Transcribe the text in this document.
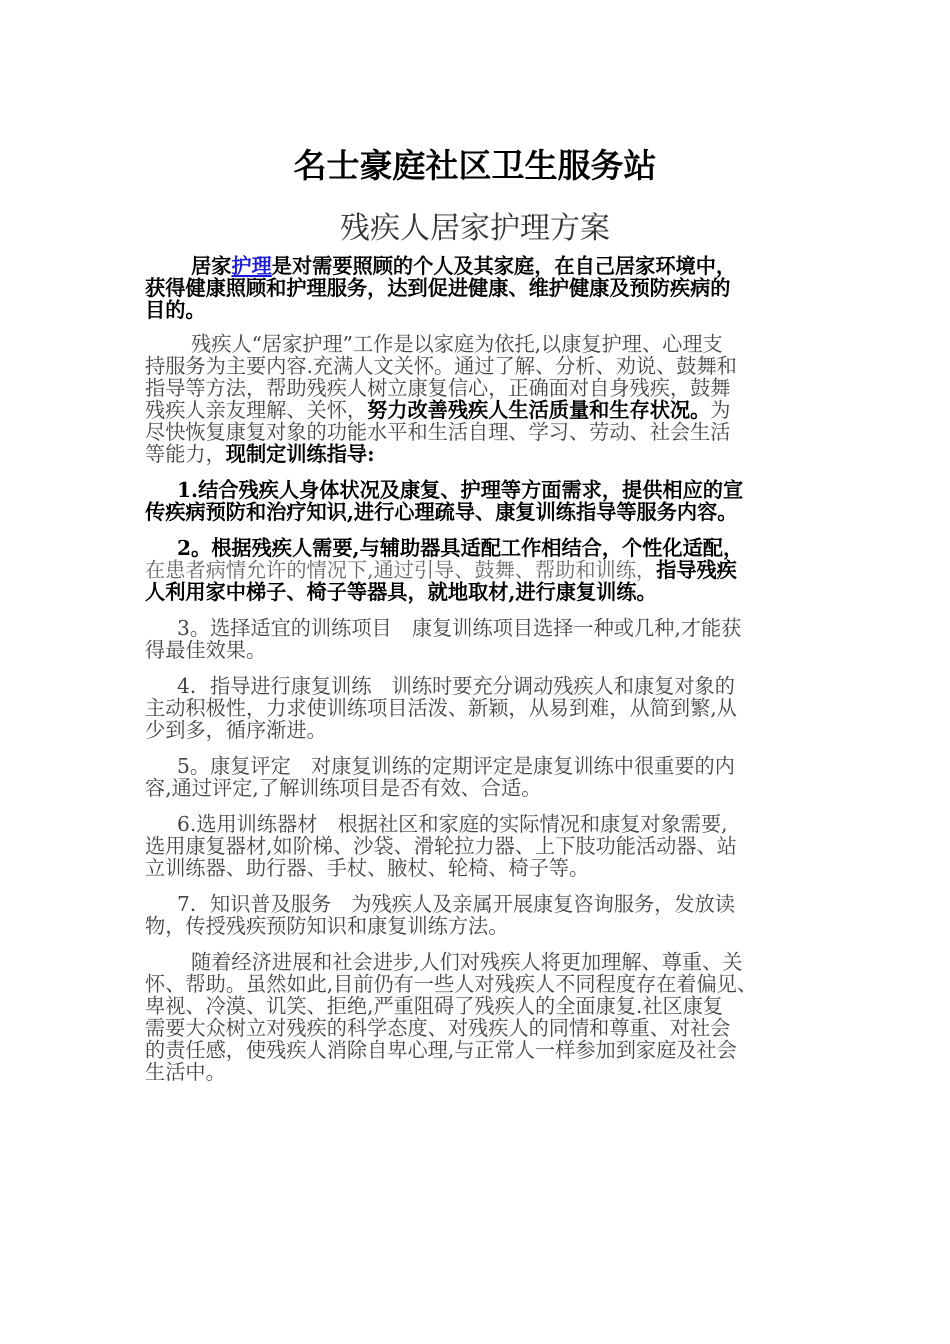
名士豪庭社区卫生服务站
残疾人居家护理方案

居家护理是对需要照顾的个人及其家庭，在自己居家环境中，
获得健康照顾和护理服务，达到促进健康、维护健康及预防疾病的
目的。

残疾人“居家护理”工作是以家庭为依托,以康复护理、心理支
持服务为主要内容.充满人文关怀。通过了解、分析、劝说、鼓舞和
指导等方法，帮助残疾人树立康复信心，正确面对自身残疾，鼓舞
残疾人亲友理解、关怀，努力改善残疾人生活质量和生存状况。为
尽快恢复康复对象的功能水平和生活自理、学习、劳动、社会生活
等能力，现制定训练指导:

1.结合残疾人身体状况及康复、护理等方面需求，提供相应的宣
传疾病预防和治疗知识,进行心理疏导、康复训练指导等服务内容。

2。根据残疾人需要,与辅助器具适配工作相结合，个性化适配，
在患者病情允许的情况下,通过引导、鼓舞、帮助和训练，指导残疾
人利用家中梯子、椅子等器具，就地取材,进行康复训练。

3。选择适宜的训练项目　康复训练项目选择一种或几种,才能获
得最佳效果。

4．指导进行康复训练　训练时要充分调动残疾人和康复对象的
主动积极性，力求使训练项目活泼、新颖，从易到难，从简到繁,从
少到多，循序渐进。

5。康复评定　对康复训练的定期评定是康复训练中很重要的内
容,通过评定,了解训练项目是否有效、合适。

6.选用训练器材　根据社区和家庭的实际情况和康复对象需要,
选用康复器材,如阶梯、沙袋、滑轮拉力器、上下肢功能活动器、站
立训练器、助行器、手杖、腋杖、轮椅、椅子等。

7．知识普及服务　为残疾人及亲属开展康复咨询服务，发放读
物，传授残疾预防知识和康复训练方法。

随着经济进展和社会进步,人们对残疾人将更加理解、尊重、关
怀、帮助。虽然如此,目前仍有一些人对残疾人不同程度存在着偏见、
卑视、冷漠、讥笑、拒绝,严重阻碍了残疾人的全面康复.社区康复
需要大众树立对残疾的科学态度、对残疾人的同情和尊重、对社会
的责任感，使残疾人消除自卑心理,与正常人一样参加到家庭及社会
生活中。
